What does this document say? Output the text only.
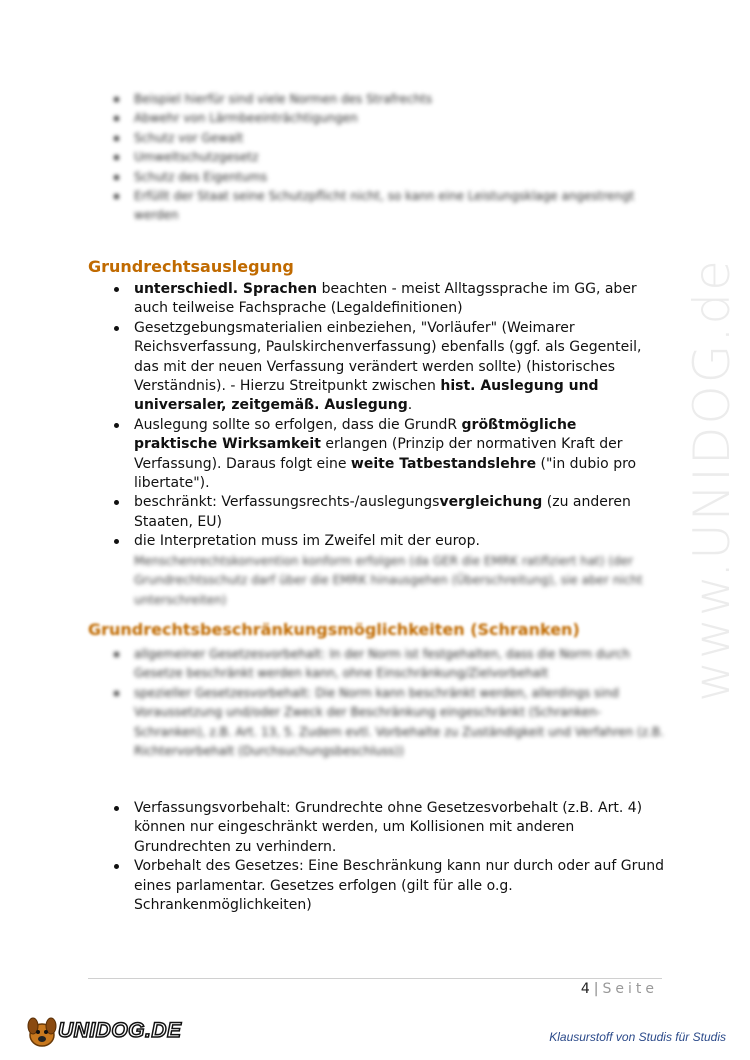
www.UNIDOG.de
Beispiel hierfür sind viele Normen des Strafrechts
Abwehr von Lärmbeeinträchtigungen
Schutz vor Gewalt
Umweltschutzgesetz
Schutz des Eigentums
Erfüllt der Staat seine Schutzpflicht nicht, so kann eine Leistungsklage angestrengt werden
Grundrechtsauslegung
unterschiedl. Sprachen beachten - meist Alltagssprache im GG, aber auch teilweise Fachsprache (Legaldefinitionen)
Gesetzgebungsmaterialien einbeziehen, "Vorläufer" (Weimarer Reichsverfassung, Paulskirchenverfassung) ebenfalls (ggf. als Gegenteil, das mit der neuen Verfassung verändert werden sollte) (historisches Verständnis). - Hierzu Streitpunkt zwischen hist. Auslegung und universaler, zeitgemäß. Auslegung.
Auslegung sollte so erfolgen, dass die GrundR größtmögliche praktische Wirksamkeit erlangen (Prinzip der normativen Kraft der Verfassung). Daraus folgt eine weite Tatbestandslehre ("in dubio pro libertate").
beschränkt: Verfassungsrechts-/auslegungsvergleichung (zu anderen Staaten, EU)
die Interpretation muss im Zweifel mit der europ.
Menschenrechtskonvention konform erfolgen (da GER die EMRK ratifiziert hat) (der Grundrechtsschutz darf über die EMRK hinausgehen (Überschreitung), sie aber nicht unterschreiten)
Grundrechtsbeschränkungsmöglichkeiten (Schranken)
allgemeiner Gesetzesvorbehalt: In der Norm ist festgehalten, dass die Norm durch Gesetze beschränkt werden kann, ohne Einschränkung/Zielvorbehalt
spezieller Gesetzesvorbehalt: Die Norm kann beschränkt werden, allerdings sind Voraussetzung und/oder Zweck der Beschränkung eingeschränkt (Schranken-Schranken), z.B. Art. 13, 5. Zudem evtl. Vorbehalte zu Zuständigkeit und Verfahren (z.B. Richtervorbehalt (Durchsuchungsbeschluss))
Verfassungsvorbehalt: Grundrechte ohne Gesetzesvorbehalt (z.B. Art. 4) können nur eingeschränkt werden, um Kollisionen mit anderen Grundrechten zu verhindern.
Vorbehalt des Gesetzes: Eine Beschränkung kann nur durch oder auf Grund eines parlamentar. Gesetzes erfolgen (gilt für alle o.g. Schrankenmöglichkeiten)
4 | Seite
UNIDOG.DE	Klausurstoff von Studis für Studis
